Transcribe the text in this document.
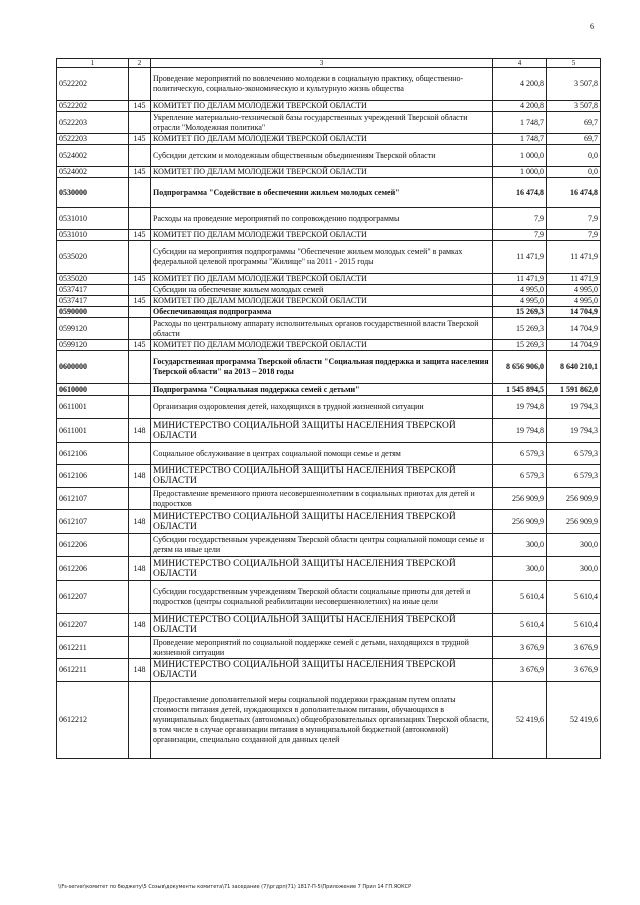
6
1	2	3	4	5
0522202		Проведение мероприятий по вовлечению молодежи в социальную практику, общественно-политическую, социально-экономическую и культурную жизнь общества	4 200,8	3 507,8
0522202	145	КОМИТЕТ ПО ДЕЛАМ МОЛОДЕЖИ ТВЕРСКОЙ ОБЛАСТИ	4 200,8	3 507,8
0522203		Укрепление материально-технической базы государственных учреждений Тверской области отрасли "Молодежная политика"	1 748,7	69,7
0522203	145	КОМИТЕТ ПО ДЕЛАМ МОЛОДЕЖИ ТВЕРСКОЙ ОБЛАСТИ	1 748,7	69,7
0524002		Субсидии детским и молодежным общественным объединениям Тверской области	1 000,0	0,0
0524002	145	КОМИТЕТ ПО ДЕЛАМ МОЛОДЕЖИ ТВЕРСКОЙ ОБЛАСТИ	1 000,0	0,0
0530000		Подпрограмма "Содействие в обеспечении жильем молодых семей"	16 474,8	16 474,8
0531010		Расходы на проведение мероприятий по сопровождению подпрограммы	7,9	7,9
0531010	145	КОМИТЕТ ПО ДЕЛАМ МОЛОДЕЖИ ТВЕРСКОЙ ОБЛАСТИ	7,9	7,9
0535020		Субсидии на мероприятия подпрограммы "Обеспечение жильем молодых семей" в рамках федеральной целевой программы "Жилище" на 2011 - 2015 годы	11 471,9	11 471,9
0535020	145	КОМИТЕТ ПО ДЕЛАМ МОЛОДЕЖИ ТВЕРСКОЙ ОБЛАСТИ	11 471,9	11 471,9
0537417		Субсидии на обеспечение жильем молодых семей	4 995,0	4 995,0
0537417	145	КОМИТЕТ ПО ДЕЛАМ МОЛОДЕЖИ ТВЕРСКОЙ ОБЛАСТИ	4 995,0	4 995,0
0590000		Обеспечивающая подпрограмма	15 269,3	14 704,9
0599120		Расходы по центральному аппарату исполнительных органов государственной власти Тверской области	15 269,3	14 704,9
0599120	145	КОМИТЕТ ПО ДЕЛАМ МОЛОДЕЖИ ТВЕРСКОЙ ОБЛАСТИ	15 269,3	14 704,9
0600000		Государственная программа Тверской области "Социальная поддержка и защита населения Тверской области" на 2013 – 2018 годы	8 656 906,0	8 640 210,1
0610000		Подпрограмма "Социальная поддержка семей с детьми"	1 545 894,5	1 591 862,0
0611001		Организация оздоровления детей, находящихся в трудной жизненной ситуации	19 794,8	19 794,3
0611001	148	МИНИСТЕРСТВО СОЦИАЛЬНОЙ ЗАЩИТЫ НАСЕЛЕНИЯ ТВЕРСКОЙ ОБЛАСТИ	19 794,8	19 794,3
0612106		Социальное обслуживание в центрах социальной помощи семье и детям	6 579,3	6 579,3
0612106	148	МИНИСТЕРСТВО СОЦИАЛЬНОЙ ЗАЩИТЫ НАСЕЛЕНИЯ ТВЕРСКОЙ ОБЛАСТИ	6 579,3	6 579,3
0612107		Предоставление временного приюта несовершеннолетним в социальных приютах для детей и подростков	256 909,9	256 909,9
0612107	148	МИНИСТЕРСТВО СОЦИАЛЬНОЙ ЗАЩИТЫ НАСЕЛЕНИЯ ТВЕРСКОЙ ОБЛАСТИ	256 909,9	256 909,9
0612206		Субсидии государственным учреждениям Тверской области центры социальной помощи семье и детям на иные цели	300,0	300,0
0612206	148	МИНИСТЕРСТВО СОЦИАЛЬНОЙ ЗАЩИТЫ НАСЕЛЕНИЯ ТВЕРСКОЙ ОБЛАСТИ	300,0	300,0
0612207		Субсидии государственным учреждениям Тверской области социальные приюты для детей и подростков (центры социальной реабилитации несовершеннолетних) на иные цели	5 610,4	5 610,4
0612207	148	МИНИСТЕРСТВО СОЦИАЛЬНОЙ ЗАЩИТЫ НАСЕЛЕНИЯ ТВЕРСКОЙ ОБЛАСТИ	5 610,4	5 610,4
0612211		Проведение мероприятий по социальной поддержке семей с детьми, находящихся в трудной жизненной ситуации	3 676,9	3 676,9
0612211	148	МИНИСТЕРСТВО СОЦИАЛЬНОЙ ЗАЩИТЫ НАСЕЛЕНИЯ ТВЕРСКОЙ ОБЛАСТИ	3 676,9	3 676,9
0612212		Предоставление дополнительной меры социальной поддержки гражданам путем оплаты стоимости питания детей, нуждающихся в дополнительном питании, обучающихся в муниципальных бюджетных (автономных) общеобразовательных организациях Тверской области, в том числе в случае организации питания в муниципальной бюджетной (автономной) организации, специально созданной для данных целей	52 419,6	52 419,6
\\Fs-server\комитет по бюджету\5 Созыв\документы комитета\71 заседание (7)\ргдрп(71) 1817-П-5\Приложение 7 Прил 14 ГП.ЯОКСР
